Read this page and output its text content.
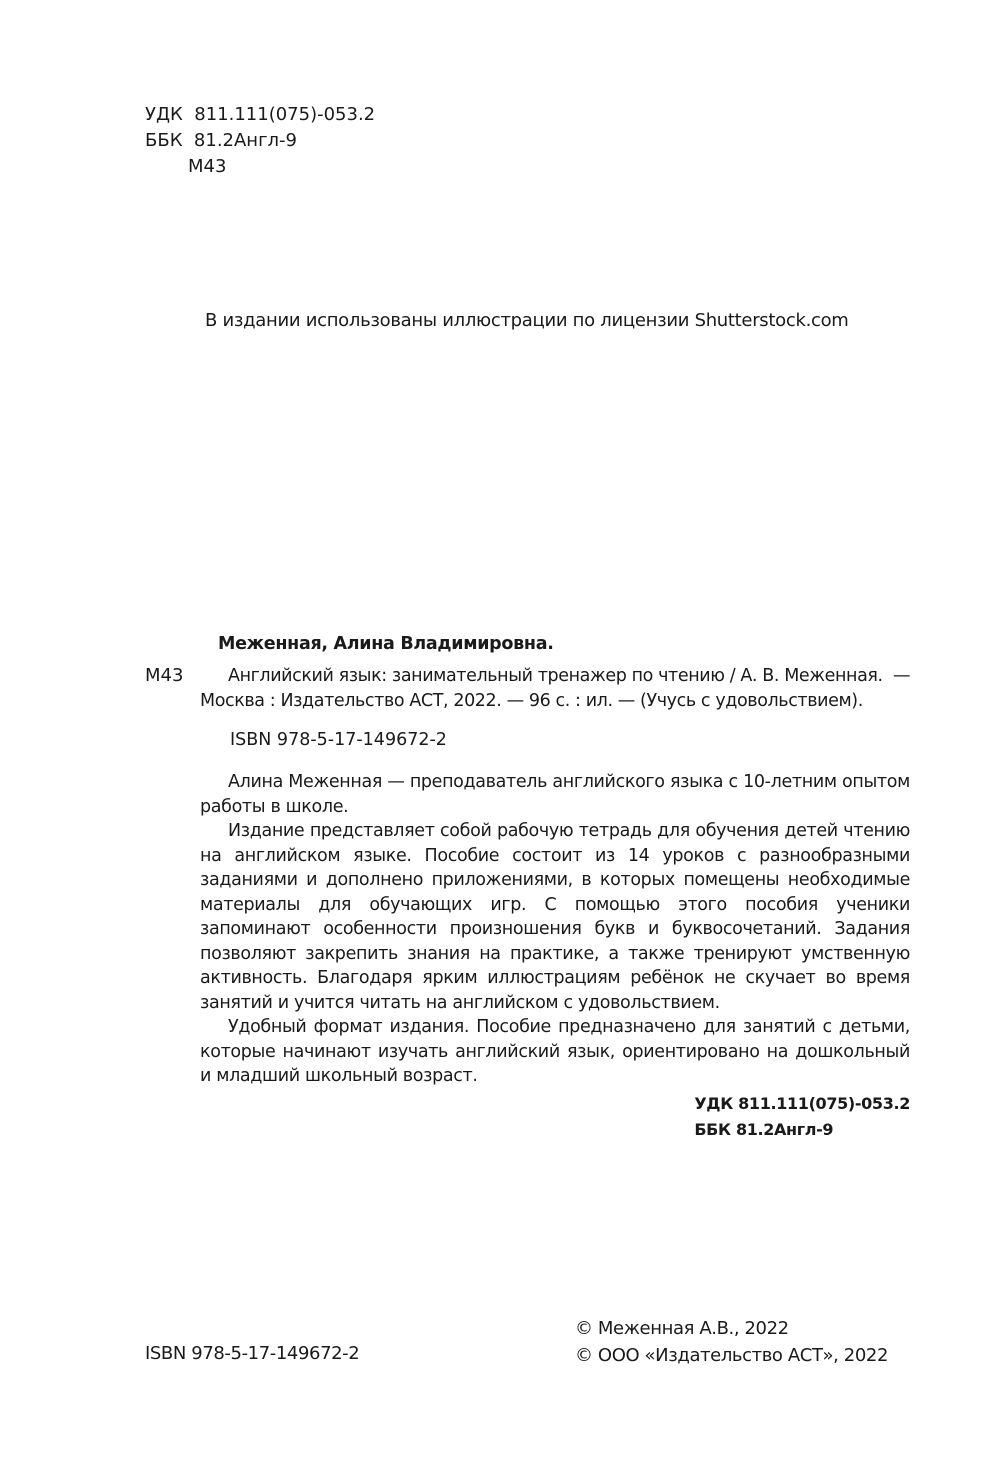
УДК  811.111(075)-053.2
ББК  81.2Англ-9
М43
В издании использованы иллюстрации по лицензии Shutterstock.com
Меженная, Алина Владимировна.
М43	Английский язык: занимательный тренажер по чтению / А. В. Меженная.  —
Москва : Издательство АСТ, 2022. — 96 с. : ил. — (Учусь с удовольствием).
ISBN 978-5-17-149672-2

Алина Меженная — преподаватель английского языка с 10-летним опытом работы в школе.

Издание представляет собой рабочую тетрадь для обучения детей чтению на английском языке. Пособие состоит из 14 уроков с разнообразными заданиями и дополнено приложениями, в которых помещены необходимые материалы для обучающих игр. С помощью этого пособия ученики запоминают особенности произношения букв и буквосочетаний. Задания позволяют закрепить знания на практике, а также тренируют умственную активность. Благодаря ярким иллюстрациям ребёнок не скучает во время занятий и учится читать на английском с удовольствием.

Удобный формат издания. Пособие предназначено для занятий с детьми, которые начинают изучать английский язык, ориентировано на дошкольный и младший школьный возраст.

УДК 811.111(075)-053.2
ББК 81.2Англ-9
ISBN 978-5-17-149672-2
© Меженная А.В., 2022
© ООО «Издательство АСТ», 2022
